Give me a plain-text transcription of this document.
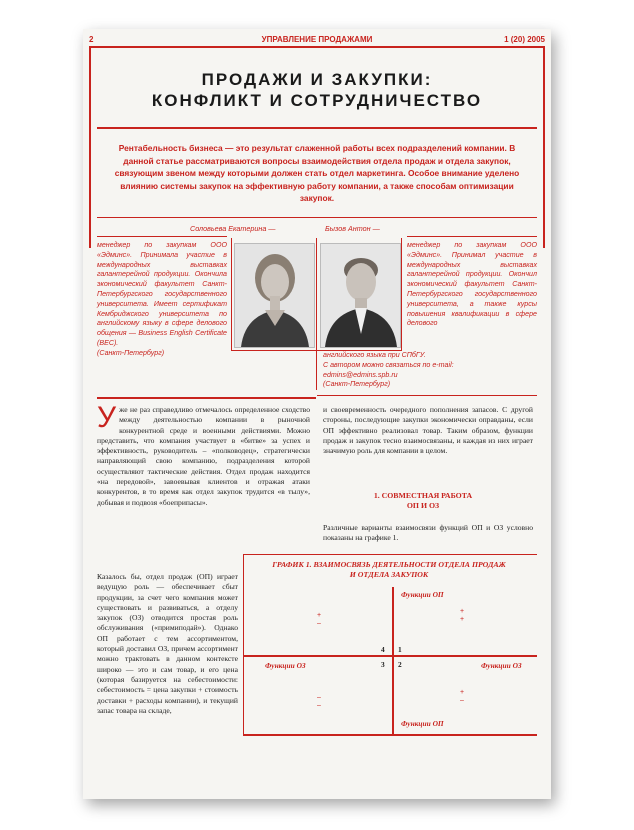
2	УПРАВЛЕНИЕ ПРОДАЖАМИ	1 (20) 2005
ПРОДАЖИ И ЗАКУПКИ:
КОНФЛИКТ И СОТРУДНИЧЕСТВО
Рентабельность бизнеса — это результат слаженной работы всех подразделений компании. В данной статье рассматриваются вопросы взаимодействия отдела продаж и отдела закупок, связующим звеном между которыми должен стать отдел маркетинга. Особое внимание уделено влиянию системы закупок на эффективную работу компании, а также способам оптимизации закупок.
Соловьева Екатерина —	Бызов Антон —
менеджер по закупкам ООО «Эдминс». Принимала участие в международных выставках галантерейной продукции. Окончила экономический факультет Санкт-Петербургского государственного университета. Имеет сертификат Кембриджского университета по английскому языку в сфере делового общения — Business English Certificate (BEC).
(Санкт-Петербург)
менеджер по закупкам ООО «Эдминс». Принимал участие в международных выставках галантерейной продукции. Окончил экономический факультет Санкт-Петербургского государственного университета, а также курсы повышения квалификации в сфере делового
английского языка при СПбГУ.
С автором можно связаться по e-mail:
edmins@edmins.spb.ru
(Санкт-Петербург)
Уже не раз справедливо отмечалось определенное сходство между деятельностью компании в рыночной конкурентной среде и военными действиями. Можно представить, что компания участвует в «битве» за успех и эффективность, руководитель – «полководец», стратегически направляющий свою компанию, подразделения которой осуществляют тактические действия. Отдел продаж находится «на передовой», завоевывая клиентов и отражая атаки конкурентов, в то время как отдел закупок трудится «в тылу», добывая и подвозя «боеприпасы».
Казалось бы, отдел продаж (ОП) играет ведущую роль — обеспечивает сбыт продукции, за счет чего компания может существовать и развиваться, а отделу закупок (ОЗ) отводится простая роль обслуживания («примиподай»). Однако ОП работает с тем ассортиментом, который доставил ОЗ, причем ассортимент можно трактовать в данном контексте широко — это и сам товар, и его цена (которая базируется на себестоимости: себестоимость = цена закупки + стоимость доставки + расходы компании), и текущий запас товара на складе,
и своевременность очередного пополнения запасов. С другой стороны, последующие закупки экономически оправданы, если ОП эффективно реализовал товар. Таким образом, функции продаж и закупок тесно взаимосвязаны, и каждая из них играет значимую роль для компании в целом.
1. СОВМЕСТНАЯ РАБОТА
ОП И ОЗ
Различные варианты взаимосвязи функций ОП и ОЗ условно показаны на графике 1.
ГРАФИК 1. ВЗАИМОСВЯЗЬ ДЕЯТЕЛЬНОСТИ ОТДЕЛА ПРОДАЖ
И ОТДЕЛА ЗАКУПОК
Функции ОП
Функции ОП
Функции ОЗ	Функции ОЗ
1
2
3
4
+
+
+
–
–
–
+
–
